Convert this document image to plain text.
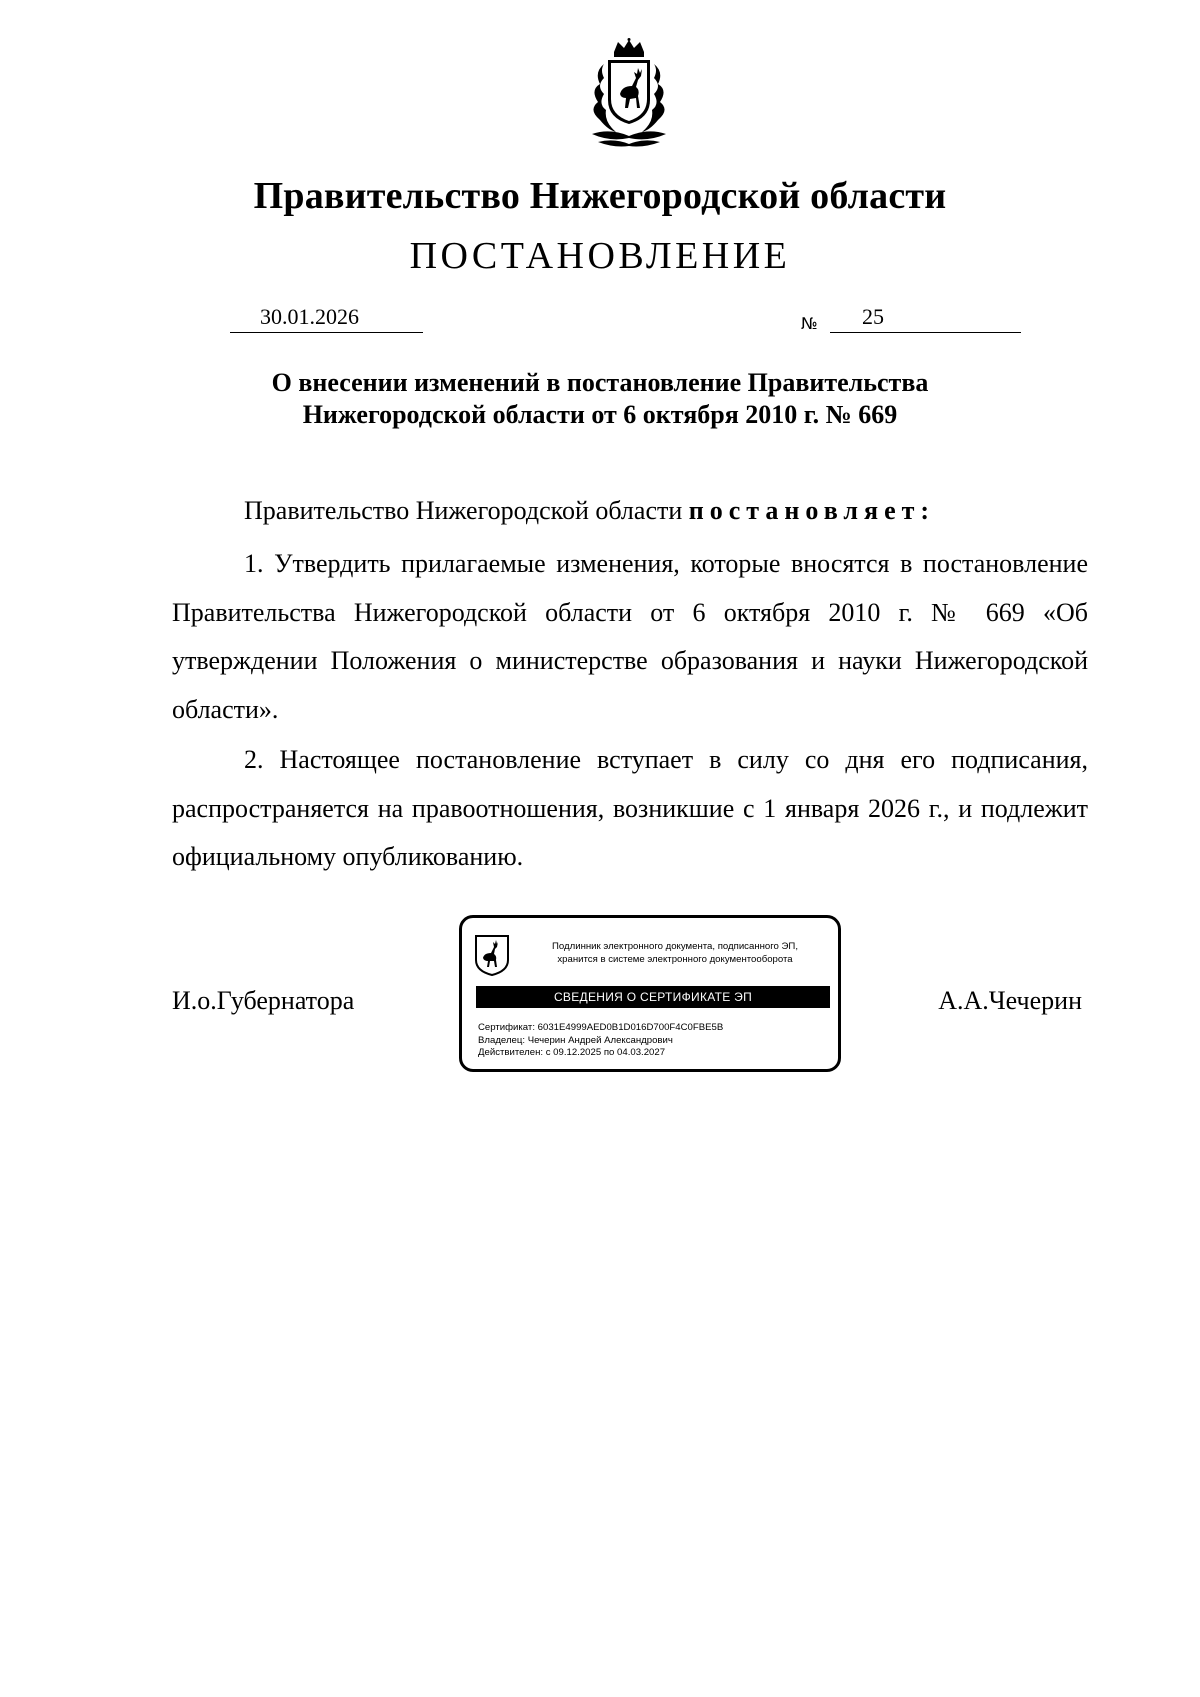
Правительство Нижегородской области
ПОСТАНОВЛЕНИЕ
30.01.2026	№ 25
О внесении изменений в постановление Правительства
Нижегородской области от 6 октября 2010 г. № 669
Правительство Нижегородской области постановляет:
1. Утвердить прилагаемые изменения, которые вносятся в постановление Правительства Нижегородской области от 6 октября 2010 г. № 669 «Об утверждении Положения о министерстве образования и науки Нижегородской области».
2. Настоящее постановление вступает в силу со дня его подписания, распространяется на правоотношения, возникшие с 1 января 2026 г., и подлежит официальному опубликованию.
И.о.Губернатора	А.А.Чечерин
Подлинник электронного документа, подписанного ЭП,
хранится в системе электронного документооборота
СВЕДЕНИЯ О СЕРТИФИКАТЕ ЭП
Сертификат: 6031E4999AED0B1D016D700F4C0FBE5B
Владелец: Чечерин Андрей Александрович
Действителен: с 09.12.2025 по 04.03.2027
